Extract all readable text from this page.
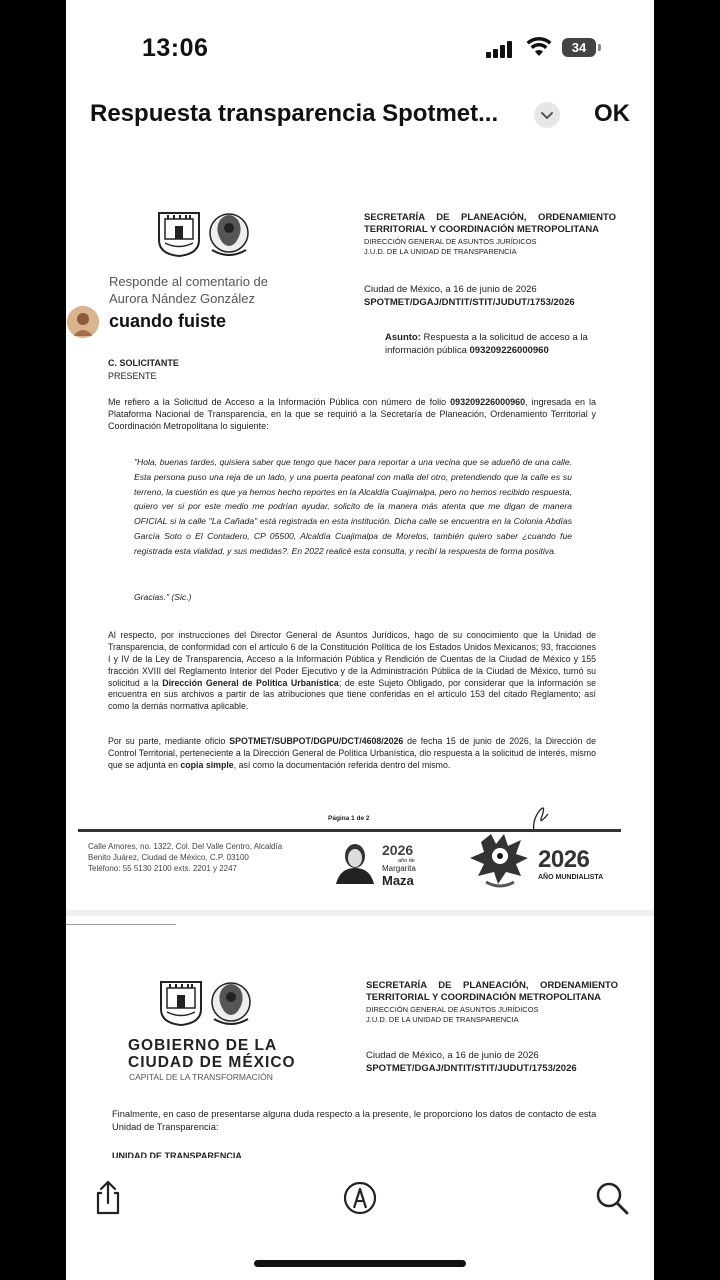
13:06	34
Respuesta transparencia Spotmet...	OK
SECRETARÍA DE PLANEACIÓN, ORDENAMIENTO
TERRITORIAL Y COORDINACIÓN METROPOLITANA
DIRECCIÓN GENERAL DE ASUNTOS JURÍDICOS
J.U.D. DE LA UNIDAD DE TRANSPARENCIA
Ciudad de México, a 16 de junio de 2026
SPOTMET/DGAJ/DNTIT/STIT/JUDUT/1753/2026
Asunto: Respuesta a la solicitud de acceso a la información pública 093209226000960
C. SOLICITANTE
PRESENTE
Me refiero a la Solicitud de Acceso a la Información Pública con número de folio 093209226000960, ingresada en la Plataforma Nacional de Transparencia, en la que se requirió a la Secretaría de Planeación, Ordenamiento Territorial y Coordinación Metropolitana lo siguiente:
"Hola, buenas tardes, quisiera saber que tengo que hacer para reportar a una vecina que se adueñó de una calle. Esta persona puso una reja de un lado, y una puerta peatonal con malla del otro, pretendiendo que la calle es su terreno, la cuestión es que ya hemos hecho reportes en la Alcaldía Cuajimalpa, pero no hemos recibido respuesta, quiero ver si por este medio me podrían ayudar, solicito de la manera más atenta que me digan de manera OFICIAL si la calle "La Cañada" está registrada en esta institución. Dicha calle se encuentra en la Colonia Abdías García Soto o El Contadero, CP 05500, Alcaldía Cuajimalpa de Morelos, también quiero saber ¿cuando fue registrada esta vialidad, y sus medidas?. En 2022 realicé esta consulta, y recibí la respuesta de forma positiva.
Gracias." (Sic.)
Al respecto, por instrucciones del Director General de Asuntos Jurídicos, hago de su conocimiento que la Unidad de Transparencia, de conformidad con el artículo 6 de la Constitución Política de los Estados Unidos Mexicanos; 93, fracciones I y IV de la Ley de Transparencia, Acceso a la Información Pública y Rendición de Cuentas de la Ciudad de México y 155 fracción XVIII del Reglamento Interior del Poder Ejecutivo y de la Administración Pública de la Ciudad de México, turnó su solicitud a la Dirección General de Política Urbanística; de este Sujeto Obligado, por considerar que la información se encuentra en sus archivos a partir de las atribuciones que tiene conferidas en el artículo 153 del citado Reglamento; así como la demás normativa aplicable.
Por su parte, mediante oficio SPOTMET/SUBPOT/DGPU/DCT/4608/2026 de fecha 15 de junio de 2026, la Dirección de Control Territorial, perteneciente a la Dirección General de Política Urbanística, dio respuesta a la solicitud de interés, mismo que se adjunta en copia simple, así como la documentación referida dentro del mismo.
Página 1 de 2
Calle Amores, no. 1322, Col. Del Valle Centro, Alcaldía
Benito Juárez, Ciudad de México, C.P. 03100
Teléfono: 55 5130 2100 exts. 2201 y 2247
2026
año de
Margarita
Maza
2026
AÑO MUNDIALISTA
GOBIERNO DE LA
CIUDAD DE MÉXICO
CAPITAL DE LA TRANSFORMACIÓN
SECRETARÍA DE PLANEACIÓN, ORDENAMIENTO
TERRITORIAL Y COORDINACIÓN METROPOLITANA
DIRECCIÓN GENERAL DE ASUNTOS JURÍDICOS
J.U.D. DE LA UNIDAD DE TRANSPARENCIA
Ciudad de México, a 16 de junio de 2026
SPOTMET/DGAJ/DNTIT/STIT/JUDUT/1753/2026
Finalmente, en caso de presentarse alguna duda respecto a la presente, le proporciono los datos de contacto de esta Unidad de Transparencia:
UNIDAD DE TRANSPARENCIA
Responde al comentario de Aurora Nández González
cuando fuiste
